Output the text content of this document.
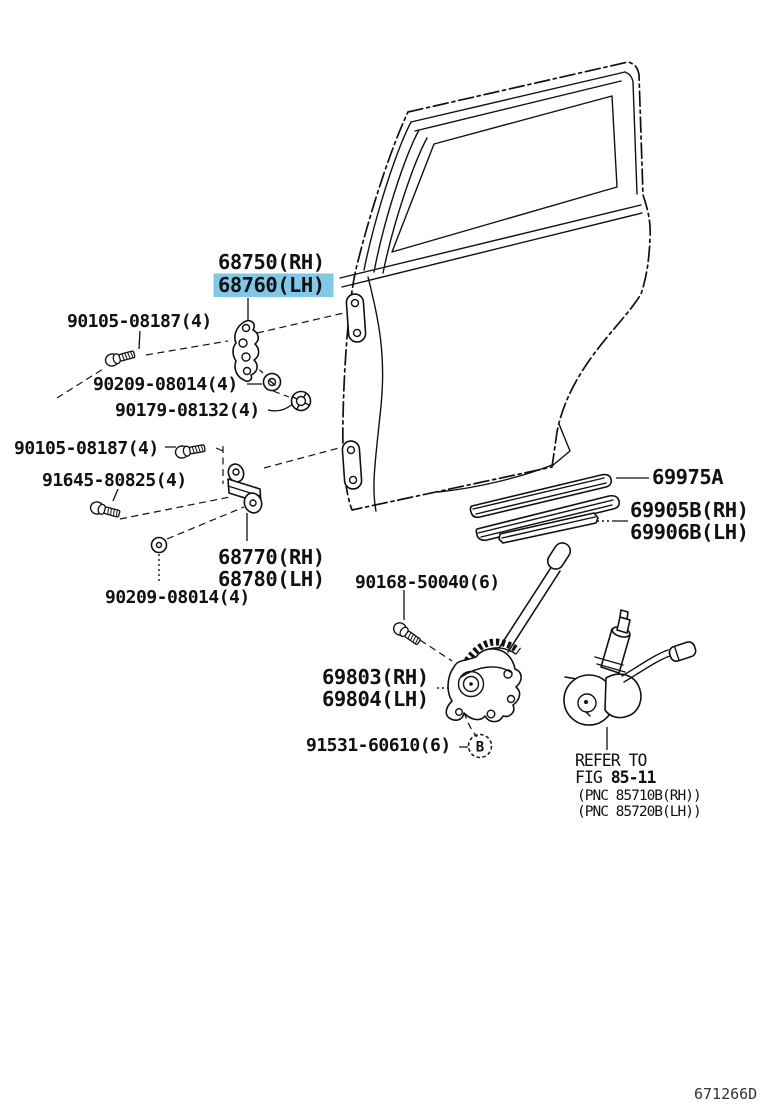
B
90105-08187(4)
68750(RH)
68760(LH)
90209-08014(4)
90179-08132(4)
90105-08187(4)
91645-80825(4)
68770(RH)
68780(LH)
90209-08014(4)
69975A
69905B(RH)
69906B(LH)
90168-50040(6)
69803(RH)
69804(LH)
91531-60610(6)
REFER TO
FIG 85-11
(PNC 85710B(RH))
(PNC 85720B(LH))
671266D
